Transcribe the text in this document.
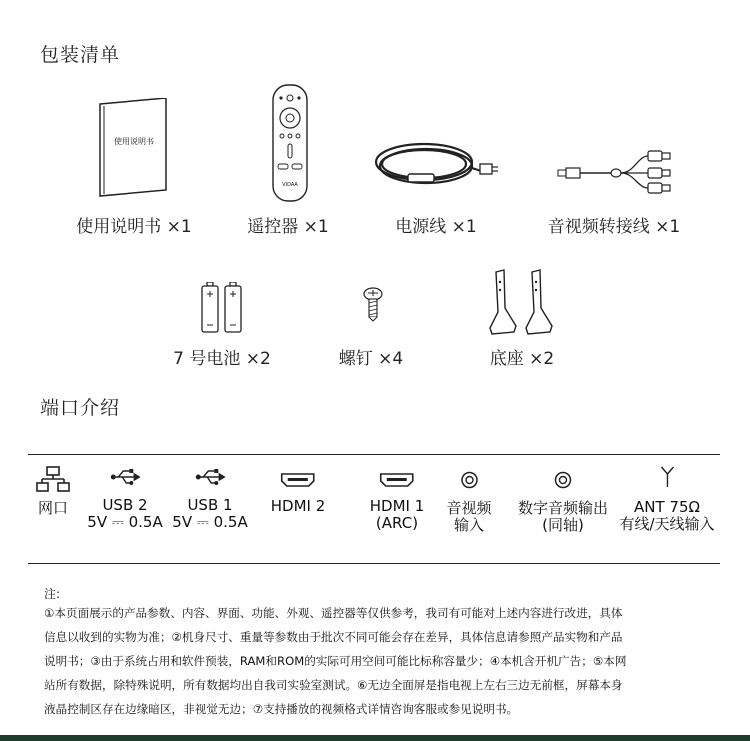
包装清单
使用说明书
VIDAA
使用说明书 ×1	遥控器 ×1	电源线 ×1	音视频转接线 ×1
7 号电池 ×2	螺钉 ×4	底座 ×2
端口介绍
网口	USB 2
5V ⎓ 0.5A
USB 1
5V ⎓ 0.5A
HDMI 2	HDMI 1
(ARC)
音视频
输入
数字音频输出
(同轴)
ANT 75Ω
有线/天线输入
注:
①本页面展示的产品参数、内容、界面、功能、外观、遥控器等仅供参考，我司有可能对上述内容进行改进，具体
信息以收到的实物为准；②机身尺寸、重量等参数由于批次不同可能会存在差异，具体信息请参照产品实物和产品
说明书；③由于系统占用和软件预装，RAM和ROM的实际可用空间可能比标称容量少；④本机含开机广告；⑤本网
站所有数据，除特殊说明，所有数据均出自我司实验室测试。⑥无边全面屏是指电视上左右三边无前框，屏幕本身
液晶控制区存在边缘暗区，非视觉无边；⑦支持播放的视频格式详情咨询客服或参见说明书。
